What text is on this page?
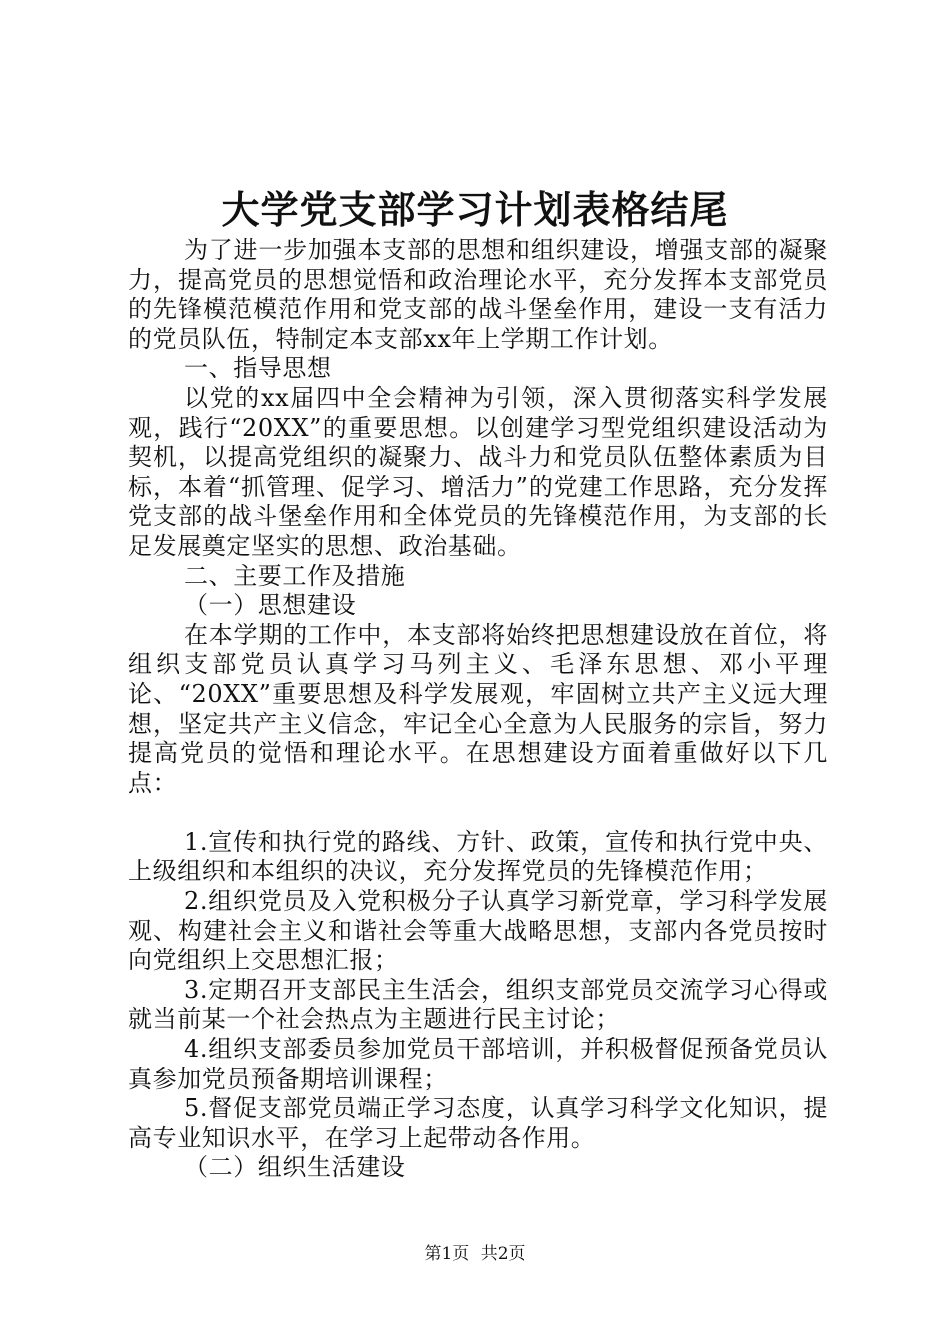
大学党支部学习计划表格结尾

为了进一步加强本支部的思想和组织建设，增强支部的凝聚力，提高党员的思想觉悟和政治理论水平，充分发挥本支部党员的先锋模范模范作用和党支部的战斗堡垒作用，建设一支有活力的党员队伍，特制定本支部xx年上学期工作计划。

一、指导思想

以党的xx届四中全会精神为引领，深入贯彻落实科学发展观，践行“20XX”的重要思想。以创建学习型党组织建设活动为契机，以提高党组织的凝聚力、战斗力和党员队伍整体素质为目标，本着“抓管理、促学习、增活力”的党建工作思路，充分发挥党支部的战斗堡垒作用和全体党员的先锋模范作用，为支部的长足发展奠定坚实的思想、政治基础。

二、主要工作及措施

（一）思想建设

在本学期的工作中，本支部将始终把思想建设放在首位，将组织支部党员认真学习马列主义、毛泽东思想、邓小平理论、“20XX”重要思想及科学发展观，牢固树立共产主义远大理想，坚定共产主义信念，牢记全心全意为人民服务的宗旨，努力提高党员的觉悟和理论水平。在思想建设方面着重做好以下几点：

1.宣传和执行党的路线、方针、政策，宣传和执行党中央、上级组织和本组织的决议，充分发挥党员的先锋模范作用；

2.组织党员及入党积极分子认真学习新党章，学习科学发展观、构建社会主义和谐社会等重大战略思想，支部内各党员按时向党组织上交思想汇报；

3.定期召开支部民主生活会，组织支部党员交流学习心得或就当前某一个社会热点为主题进行民主讨论；

4.组织支部委员参加党员干部培训，并积极督促预备党员认真参加党员预备期培训课程；

5.督促支部党员端正学习态度，认真学习科学文化知识，提高专业知识水平，在学习上起带动各作用。

（二）组织生活建设

第1页 共2页
